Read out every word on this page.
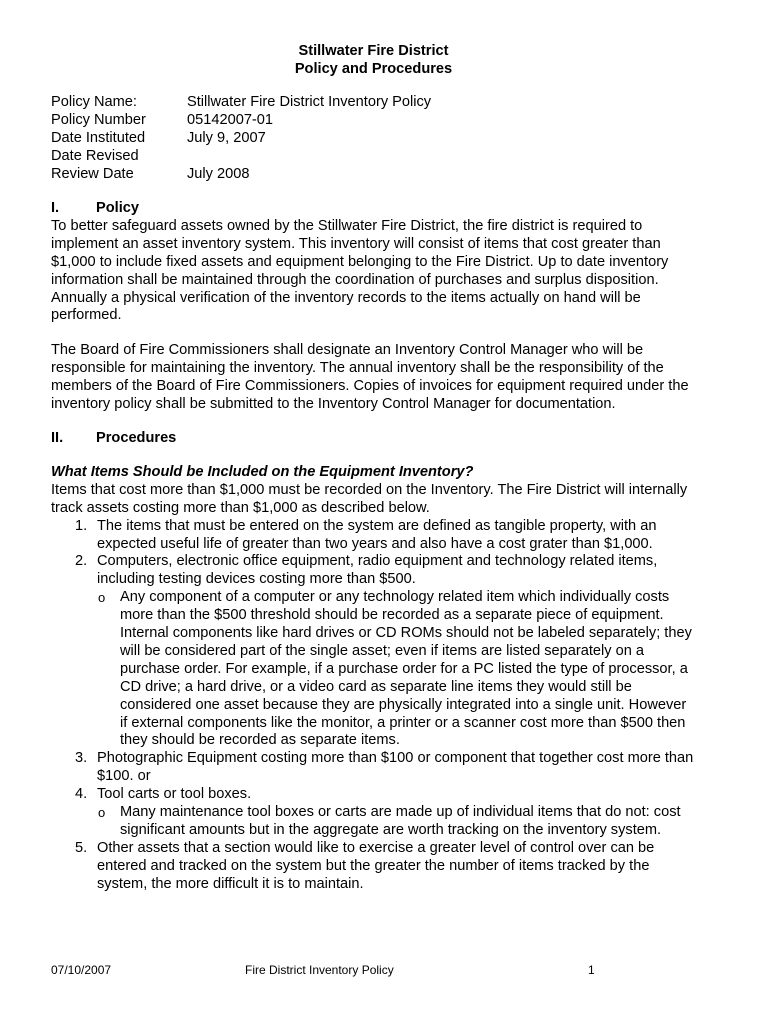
Stillwater Fire District
Policy and Procedures
Policy Name:	Stillwater Fire District Inventory Policy
Policy Number	05142007-01
Date Instituted	July 9, 2007
Date Revised
Review Date	July 2008
I.	Policy

To better safeguard assets owned by the Stillwater Fire District, the fire district is required to implement an asset inventory system. This inventory will consist of items that cost greater than $1,000 to include fixed assets and equipment belonging to the Fire District. Up to date inventory information shall be maintained through the coordination of purchases and surplus disposition. Annually a physical verification of the inventory records to the items actually on hand will be performed.

The Board of Fire Commissioners shall designate an Inventory Control Manager who will be responsible for maintaining the inventory. The annual inventory shall be the responsibility of the members of the Board of Fire Commissioners. Copies of invoices for equipment required under the inventory policy shall be submitted to the Inventory Control Manager for documentation.

II.	Procedures
What Items Should be Included on the Equipment Inventory?

Items that cost more than $1,000 must be recorded on the Inventory. The Fire District will internally track assets costing more than $1,000 as described below.

1. The items that must be entered on the system are defined as tangible property, with an expected useful life of greater than two years and also have a cost grater than $1,000.
2. Computers, electronic office equipment, radio equipment and technology related items, including testing devices costing more than $500.
o	Any component of a computer or any technology related item which individually costs more than the $500 threshold should be recorded as a separate piece of equipment. Internal components like hard drives or CD ROMs should not be labeled separately; they will be considered part of the single asset; even if items are listed separately on a purchase order. For example, if a purchase order for a PC listed the type of processor, a CD drive; a hard drive, or a video card as separate line items they would still be considered one asset because they are physically integrated into a single unit. However if external components like the monitor, a printer or a scanner cost more than $500 then they should be recorded as separate items.
3. Photographic Equipment costing more than $100 or component that together cost more than $100. or
4. Tool carts or tool boxes.
o	Many maintenance tool boxes or carts are made up of individual items that do not: cost significant amounts but in the aggregate are worth tracking on the inventory system.
5. Other assets that a section would like to exercise a greater level of control over can be entered and tracked on the system but the greater the number of items tracked by the system, the more difficult it is to maintain.
07/10/2007	Fire District Inventory Policy	1
